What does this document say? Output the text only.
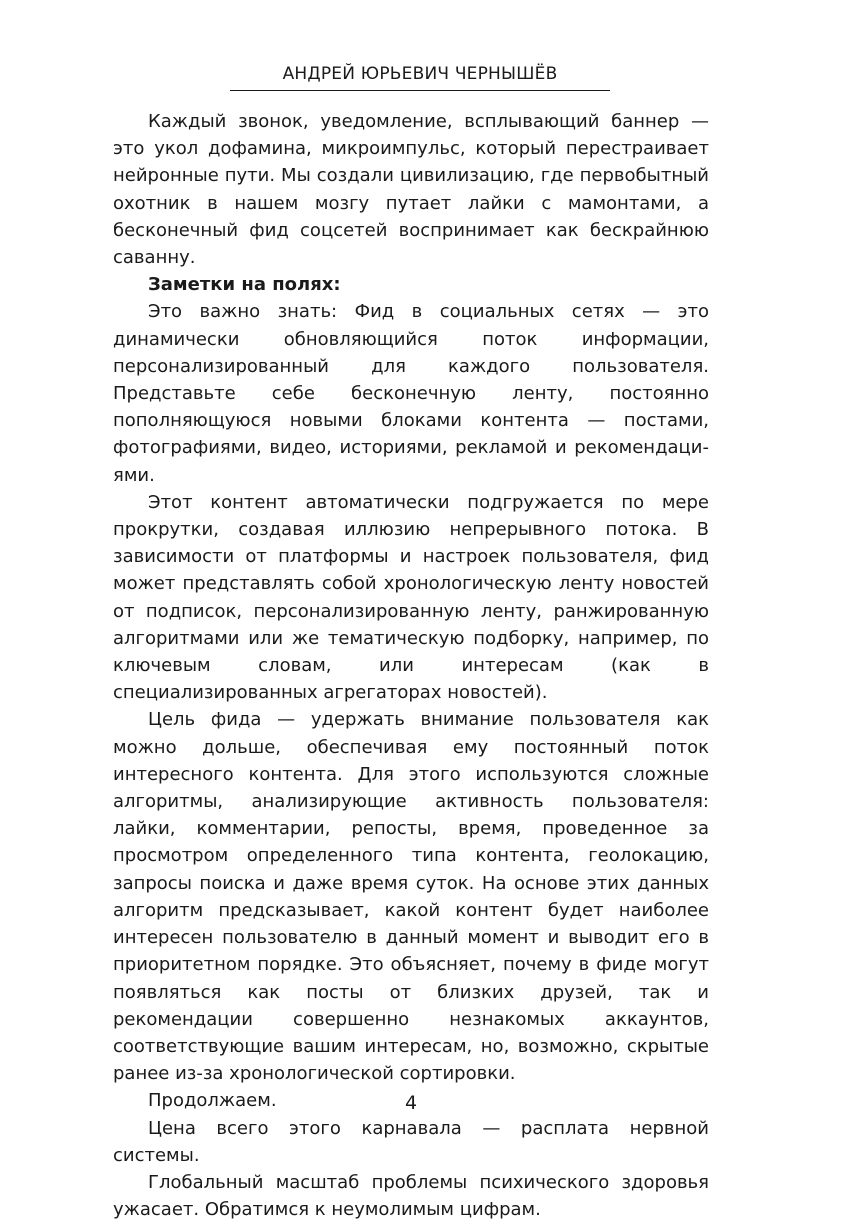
АНДРЕЙ ЮРЬЕВИЧ ЧЕРНЫШЁВ

Каждый звонок, уведомление, всплывающий баннер — это укол дофамина, микроимпульс, который перестраивает нейронные пути. Мы создали цивилизацию, где первобытный охотник в нашем мозгу путает лайки с мамонтами, а бесконечный фид соцсетей воспринимает как бескрайнюю саванну.

Заметки на полях:

Это важно знать: Фид в социальных сетях — это динамически обновляющийся поток информации, персонализированный для каждого пользователя. Представьте себе бесконечную ленту, постоянно пополняющуюся новыми блоками контента — постами, фотографиями, видео, историями, рекламой и рекомендациями.

Этот контент автоматически подгружается по мере прокрутки, создавая иллюзию непрерывного потока. В зависимости от платформы и настроек пользователя, фид может представлять собой хронологическую ленту новостей от подписок, персонализированную ленту, ранжированную алгоритмами или же тематическую подборку, например, по ключевым словам, или интересам (как в специализированных агрегаторах новостей).

Цель фида — удержать внимание пользователя как можно дольше, обеспечивая ему постоянный поток интересного контента. Для этого используются сложные алгоритмы, анализирующие активность пользователя: лайки, комментарии, репосты, время, проведенное за просмотром определенного типа контента, геолокацию, запросы поиска и даже время суток. На основе этих данных алгоритм предсказывает, какой контент будет наиболее интересен пользователю в данный момент и выводит его в приоритетном порядке. Это объясняет, почему в фиде могут появляться как посты от близких друзей, так и рекомендации совершенно незнакомых аккаунтов, соответствующие вашим интересам, но, возможно, скрытые ранее из-за хронологической сортировки.

Продолжаем.

Цена всего этого карнавала — расплата нервной системы.

Глобальный масштаб проблемы психического здоровья ужасает. Обратимся к неумолимым цифрам.

4
